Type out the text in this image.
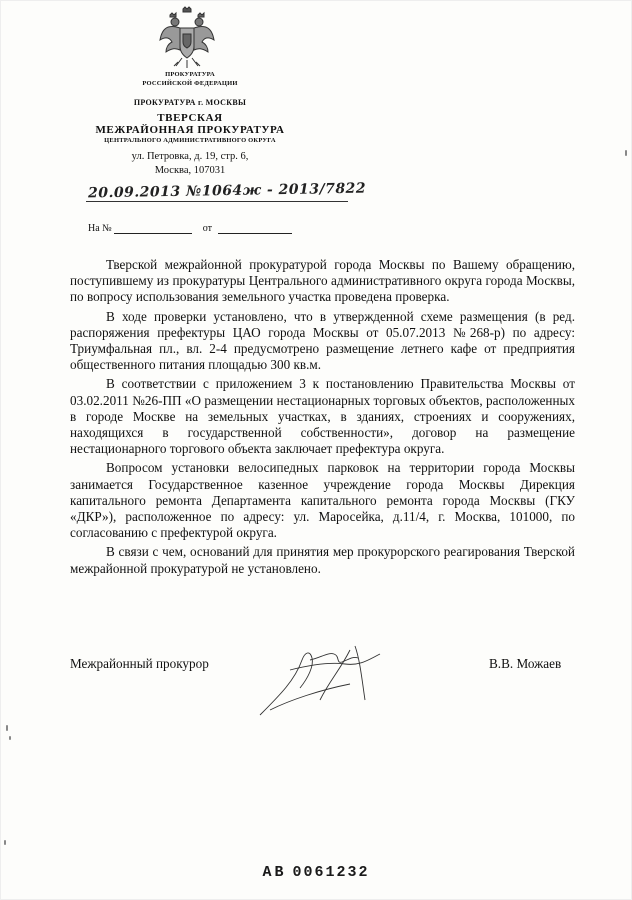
ПРОКУРАТУРА
РОССИЙСКОЙ ФЕДЕРАЦИИ
ПРОКУРАТУРА г. МОСКВЫ
ТВЕРСКАЯ
МЕЖРАЙОННАЯ ПРОКУРАТУРА
ЦЕНТРАЛЬНОГО АДМИНИСТРАТИВНОГО ОКРУГА
ул. Петровка, д. 19, стр. 6,
Москва, 107031
20.09.2013 №1064ж - 2013/7822
На №	от

Тверской межрайонной прокуратурой города Москвы по Вашему обращению, поступившему из прокуратуры Центрального административного округа города Москвы, по вопросу использования земельного участка проведена проверка.

В ходе проверки установлено, что в утвержденной схеме размещения (в ред. распоряжения префектуры ЦАО города Москвы от 05.07.2013 №268-р) по адресу: Триумфальная пл., вл. 2-4 предусмотрено размещение летнего кафе от предприятия общественного питания площадью 300 кв.м.

В соответствии с приложением 3 к постановлению Правительства Москвы от 03.02.2011 №26-ПП «О размещении нестационарных торговых объектов, расположенных в городе Москве на земельных участках, в зданиях, строениях и сооружениях, находящихся в государственной собственности», договор на размещение нестационарного торгового объекта заключает префектура округа.

Вопросом установки велосипедных парковок на территории города Москвы занимается Государственное казенное учреждение города Москвы Дирекция капитального ремонта Департамента капитального ремонта города Москвы (ГКУ «ДКР»), расположенное по адресу: ул. Маросейка, д.11/4, г. Москва, 101000, по согласованию с префектурой округа.

В связи с чем, оснований для принятия мер прокурорского реагирования Тверской межрайонной прокуратурой не установлено.

Межрайонный прокурор	В.В. Можаев
АВ 0061232
